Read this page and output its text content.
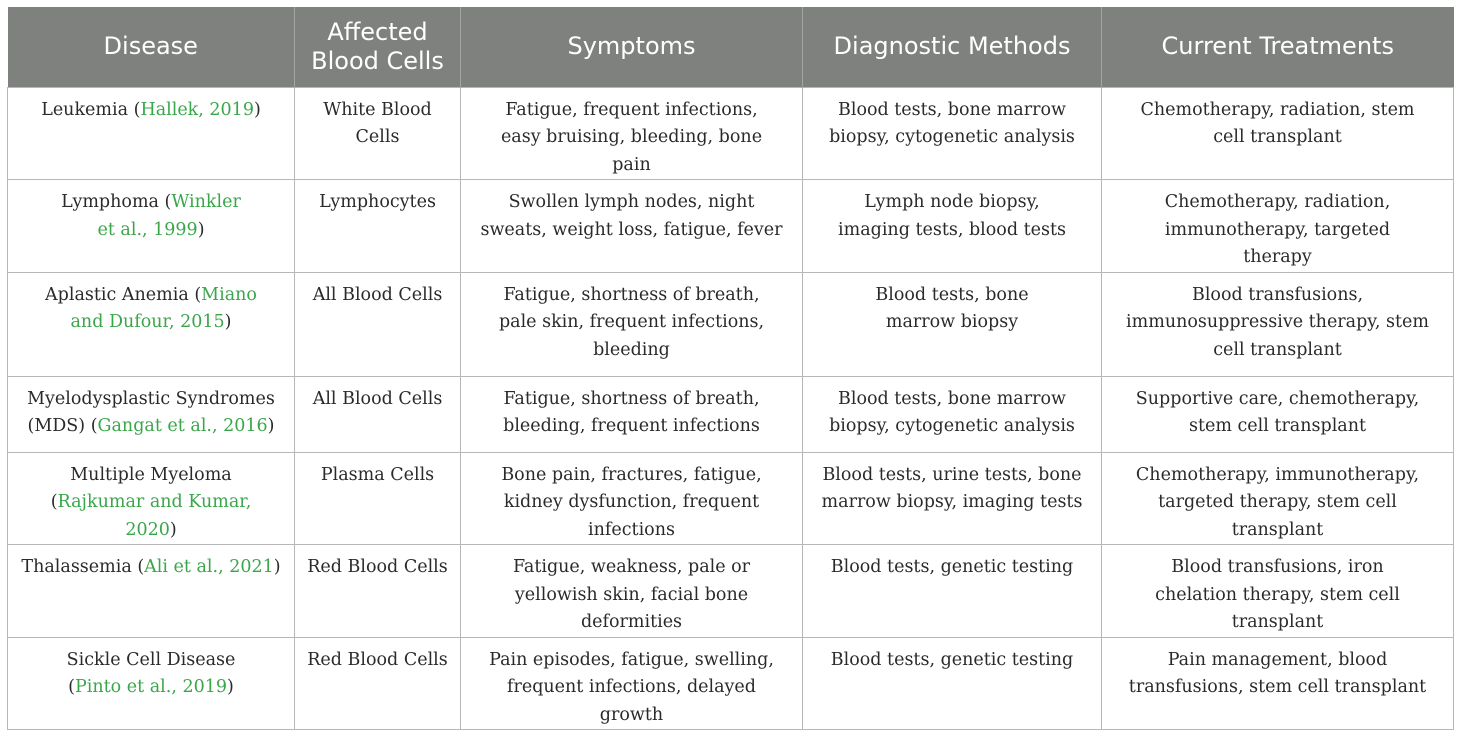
Disease	Affected Blood Cells	Symptoms	Diagnostic Methods	Current Treatments
Leukemia (Hallek, 2019)	White Blood Cells	Fatigue, frequent infections, easy bruising, bleeding, bone pain	Blood tests, bone marrow biopsy, cytogenetic analysis	Chemotherapy, radiation, stem cell transplant
Lymphoma (Winkler et al., 1999)	Lymphocytes	Swollen lymph nodes, night sweats, weight loss, fatigue, fever	Lymph node biopsy, imaging tests, blood tests	Chemotherapy, radiation, immunotherapy, targeted therapy
Aplastic Anemia (Miano and Dufour, 2015)	All Blood Cells	Fatigue, shortness of breath, pale skin, frequent infections, bleeding	Blood tests, bone marrow biopsy	Blood transfusions, immunosuppressive therapy, stem cell transplant
Myelodysplastic Syndromes (MDS) (Gangat et al., 2016)	All Blood Cells	Fatigue, shortness of breath, bleeding, frequent infections	Blood tests, bone marrow biopsy, cytogenetic analysis	Supportive care, chemotherapy, stem cell transplant
Multiple Myeloma (Rajkumar and Kumar, 2020)	Plasma Cells	Bone pain, fractures, fatigue, kidney dysfunction, frequent infections	Blood tests, urine tests, bone marrow biopsy, imaging tests	Chemotherapy, immunotherapy, targeted therapy, stem cell transplant
Thalassemia (Ali et al., 2021)	Red Blood Cells	Fatigue, weakness, pale or yellowish skin, facial bone deformities	Blood tests, genetic testing	Blood transfusions, iron chelation therapy, stem cell transplant
Sickle Cell Disease (Pinto et al., 2019)	Red Blood Cells	Pain episodes, fatigue, swelling, frequent infections, delayed growth	Blood tests, genetic testing	Pain management, blood transfusions, stem cell transplant
